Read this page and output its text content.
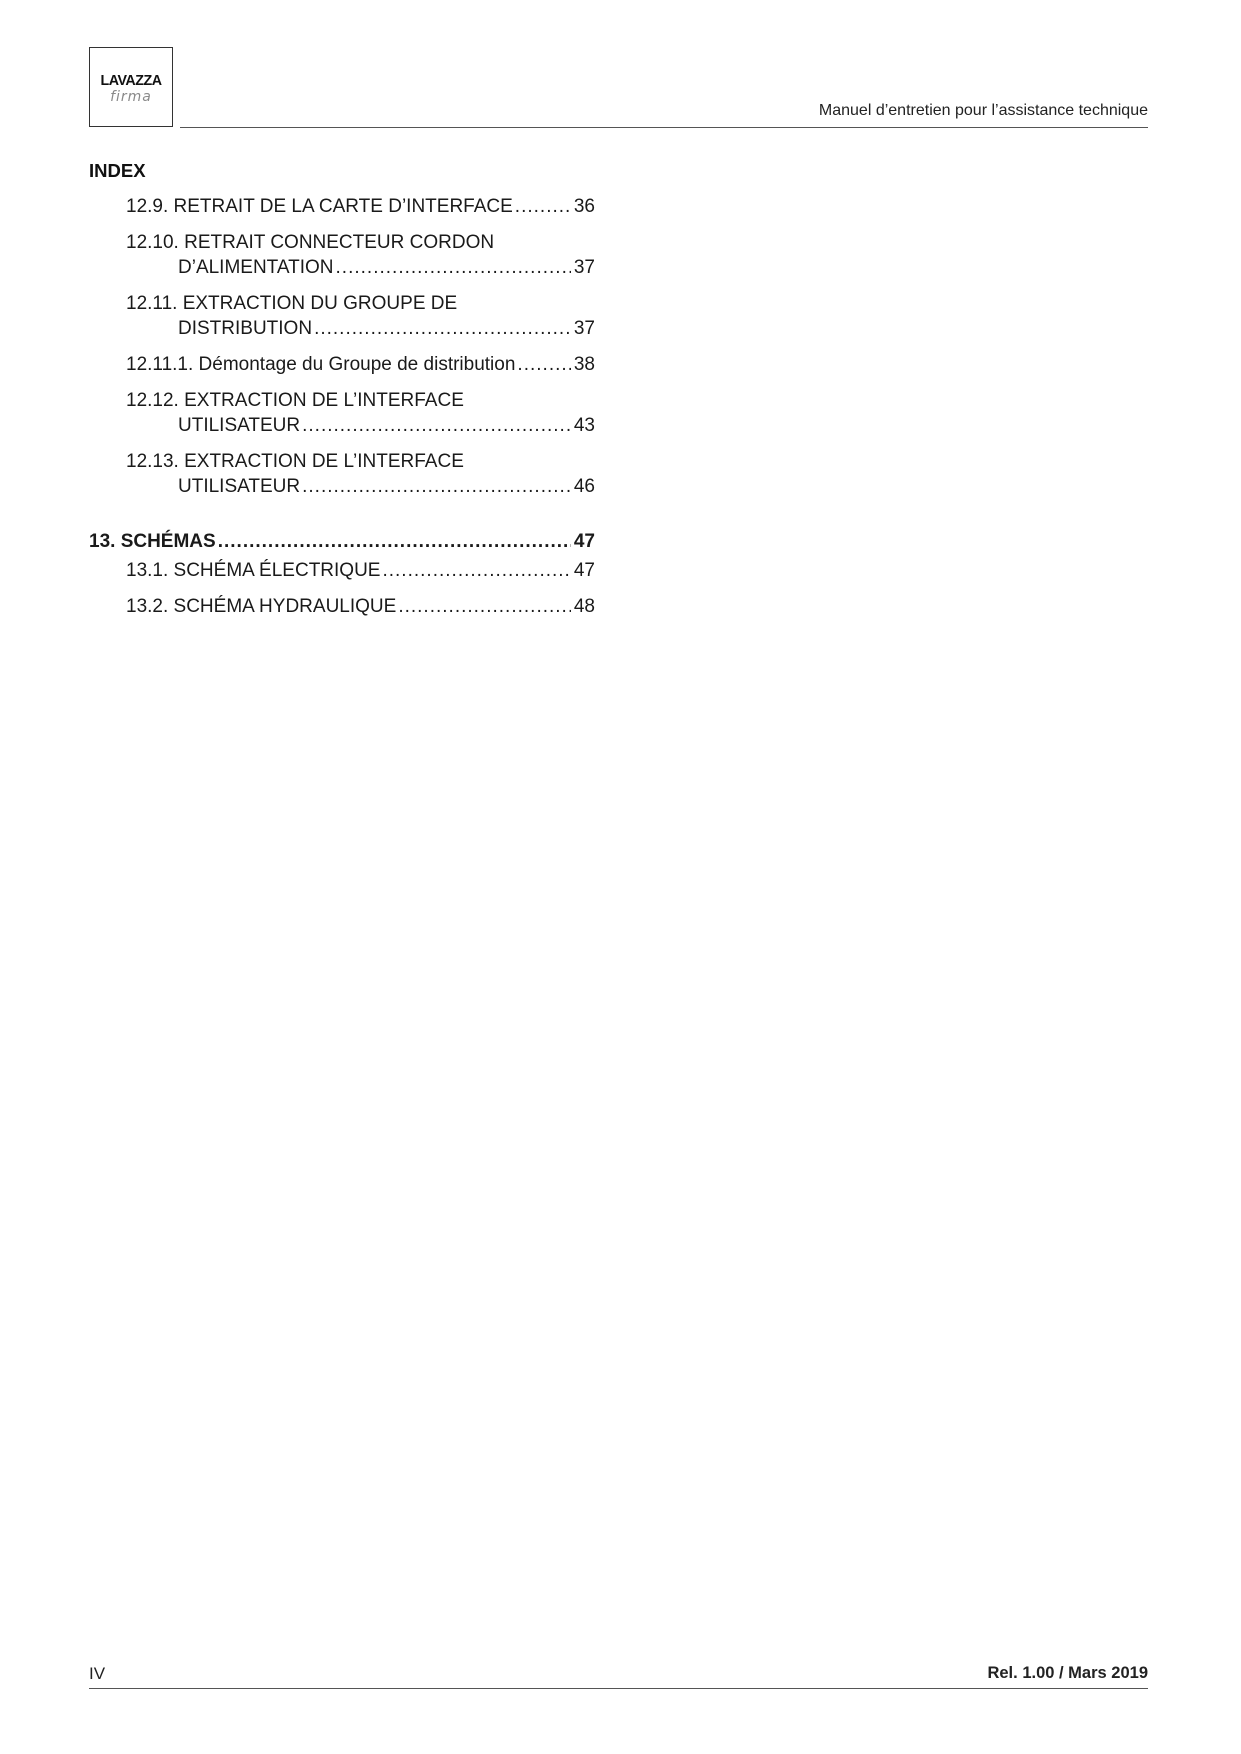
LAVAZZA
firma
Manuel d’entretien pour l’assistance technique
INDEX
12.9. RETRAIT DE LA CARTE D’INTERFACE .....	36
12.10. RETRAIT CONNECTEUR CORDON
D’ALIMENTATION .....	37
12.11. EXTRACTION DU GROUPE DE
DISTRIBUTION .....	37
12.11.1. Démontage du Groupe de distribution .....	38
12.12. EXTRACTION DE L’INTERFACE
UTILISATEUR .....	43
12.13. EXTRACTION DE L’INTERFACE
UTILISATEUR .....	46
13. SCHÉMAS .....	47
13.1. SCHÉMA ÉLECTRIQUE .....	47
13.2. SCHÉMA HYDRAULIQUE .....	48
IV	Rel. 1.00 / Mars 2019
